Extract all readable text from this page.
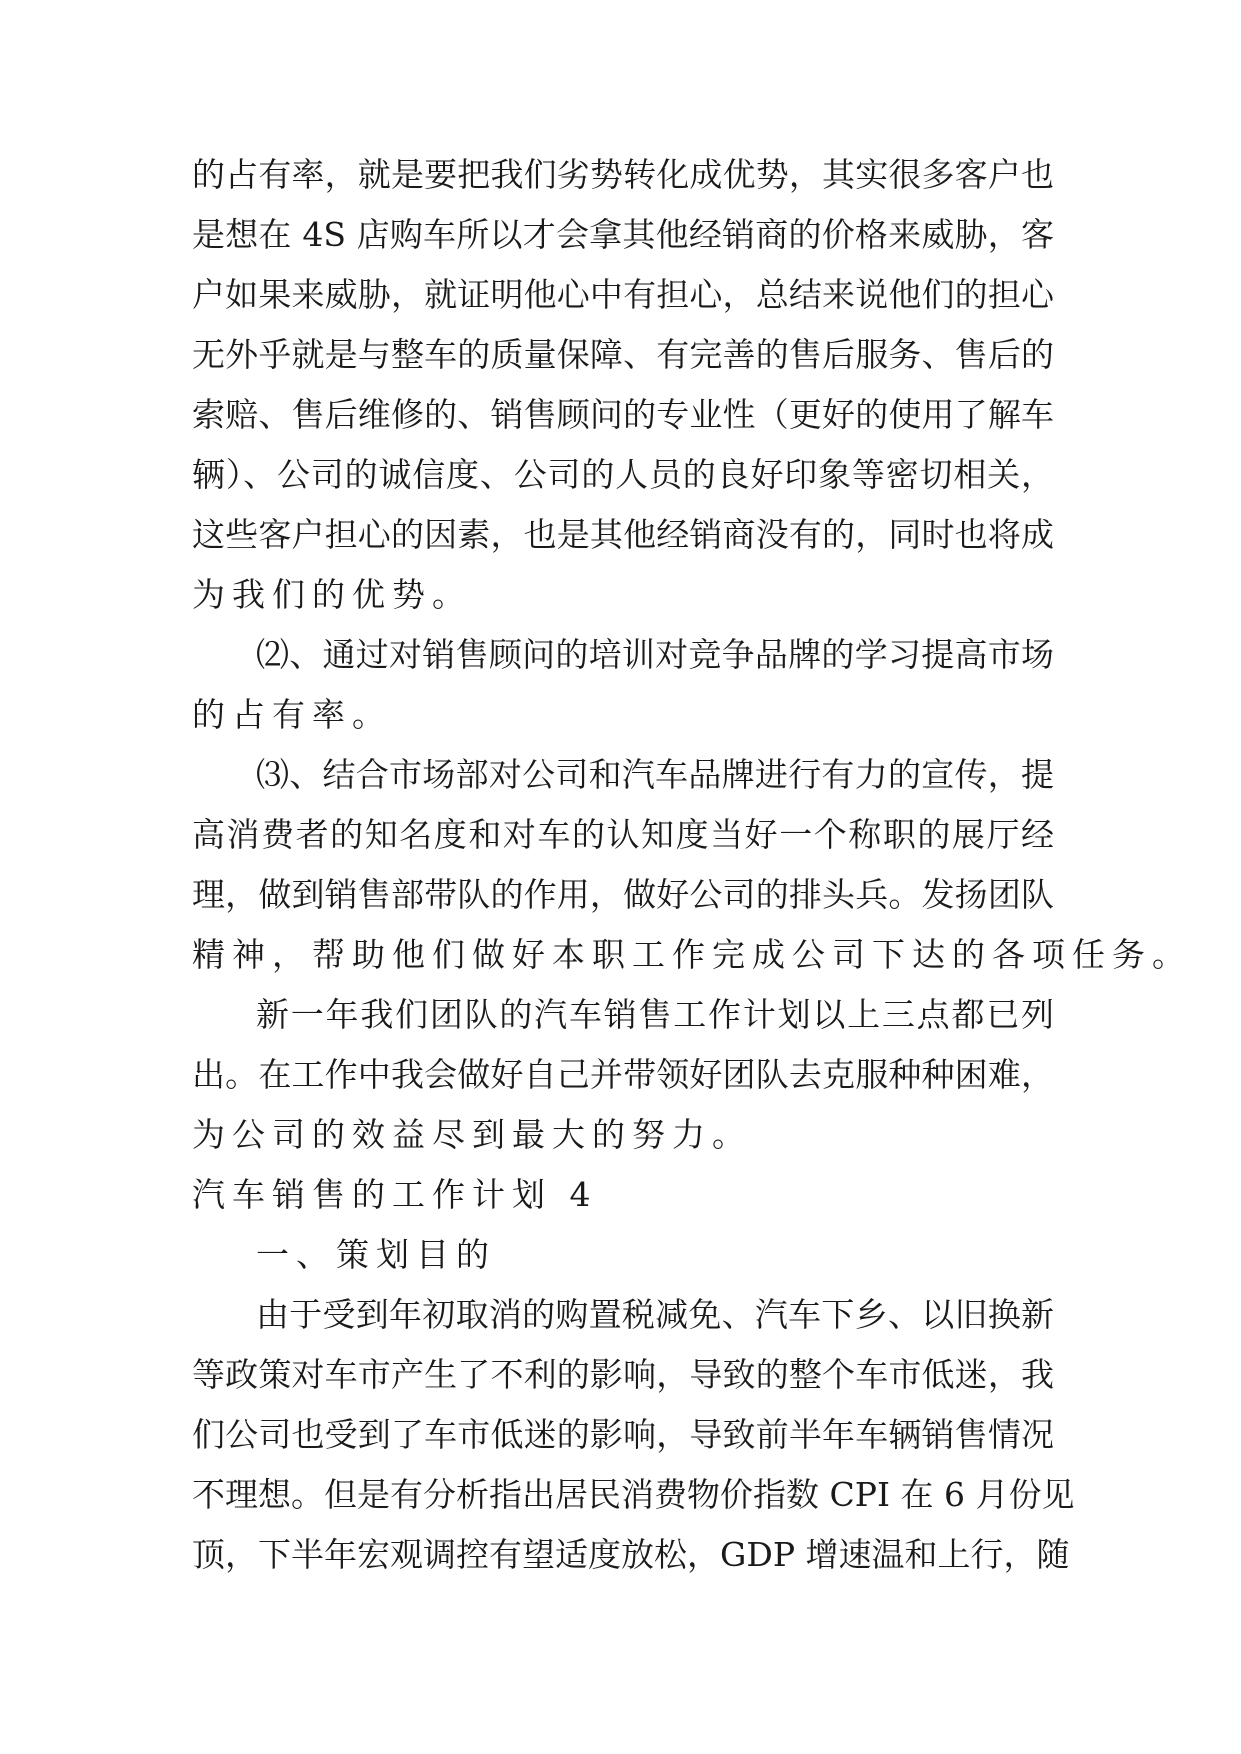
的占有率，就是要把我们劣势转化成优势，其实很多客户也
是想在 4S 店购车所以才会拿其他经销商的价格来威胁，客
户如果来威胁，就证明他心中有担心，总结来说他们的担心
无外乎就是与整车的质量保障、有完善的售后服务、售后的
索赔、售后维修的、销售顾问的专业性（更好的使用了解车
辆）、公司的诚信度、公司的人员的良好印象等密切相关，
这些客户担心的因素，也是其他经销商没有的，同时也将成
为我们的优势。
⑵、通过对销售顾问的培训对竞争品牌的学习提高市场
的占有率。
⑶、结合市场部对公司和汽车品牌进行有力的宣传，提
高消费者的知名度和对车的认知度当好一个称职的展厅经
理，做到销售部带队的作用，做好公司的排头兵。发扬团队
精神，帮助他们做好本职工作完成公司下达的各项任务。
新一年我们团队的汽车销售工作计划以上三点都已列
出。在工作中我会做好自己并带领好团队去克服种种困难，
为公司的效益尽到最大的努力。
汽车销售的工作计划 4
一、策划目的
由于受到年初取消的购置税减免、汽车下乡、以旧换新
等政策对车市产生了不利的影响，导致的整个车市低迷，我
们公司也受到了车市低迷的影响，导致前半年车辆销售情况
不理想。但是有分析指出居民消费物价指数 CPI 在 6 月份见
顶，下半年宏观调控有望适度放松，GDP 增速温和上行，随
